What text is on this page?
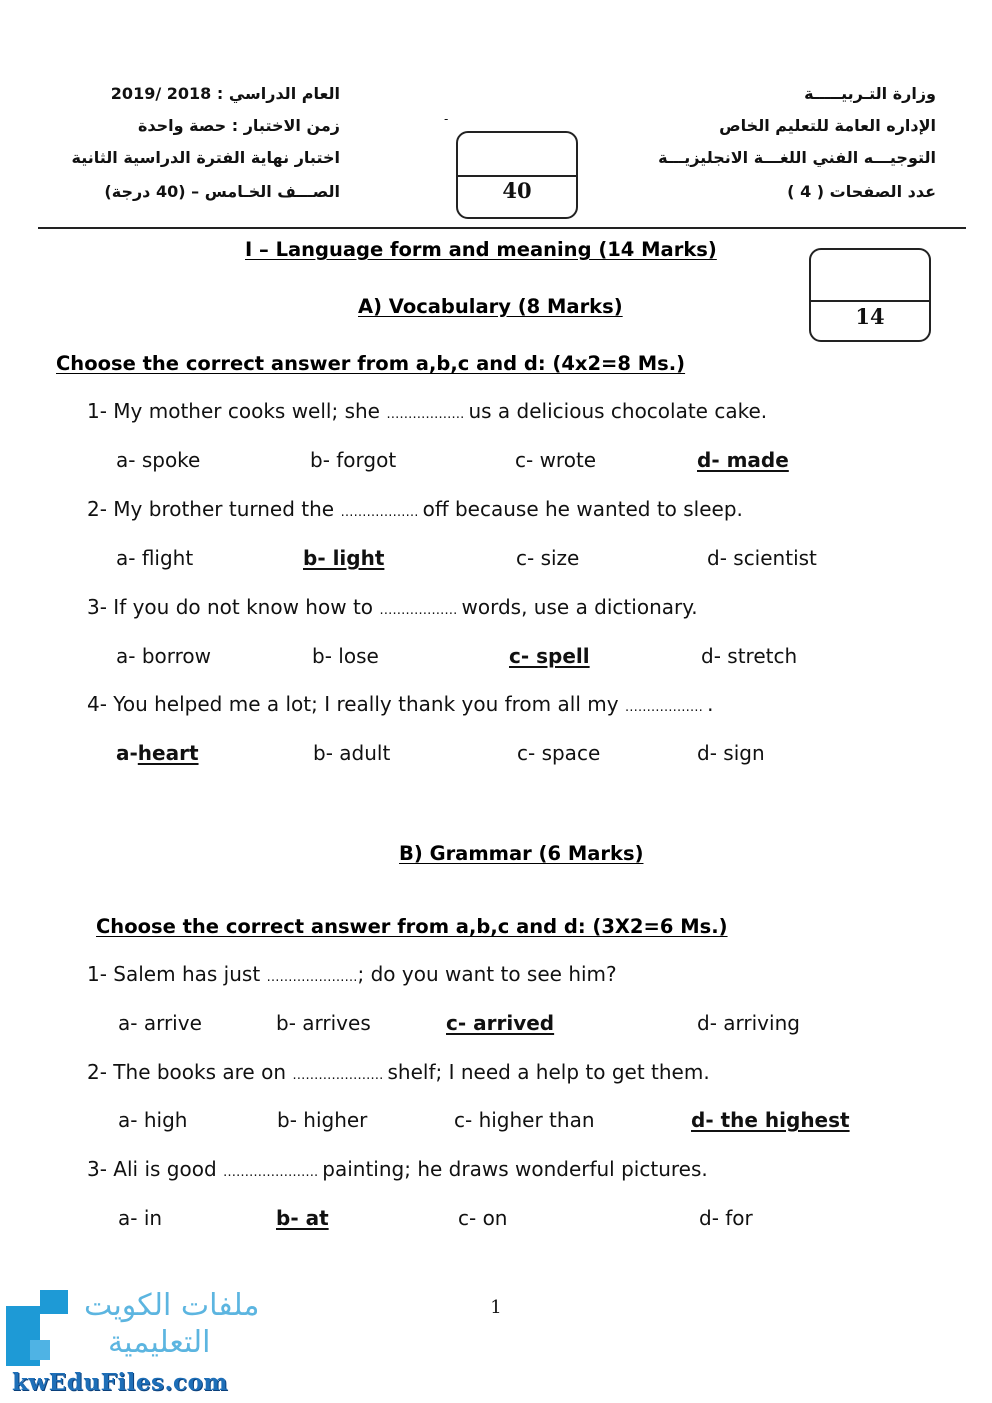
وزارة التـربيـــــة
الإداره العامة للتعليم الخاص
التوجيـــه الفني اللغـــة الانجليزيـــة
عدد الصفحات ( 4 )
العام الدراسي : 2018 /2019
زمن الاختبار : حصة واحدة
اختبار نهاية الفترة الدراسية الثانية
الصـــف الخـامس – (40 درجة)
-
40
14
I – Language form and meaning (14 Marks)
A) Vocabulary (8 Marks)
Choose the correct answer from a,b,c and d: (4x2=8 Ms.)
1- My mother cooks well; she ……………… us a delicious chocolate cake.
a- spoke	b- forgot	c- wrote	d- made
2- My brother turned the ……………… off because he wanted to sleep.
a- flight	b- light	c- size	d- scientist
3- If you do not know how to ……………… words, use a dictionary.
a- borrow	b- lose	c- spell	d- stretch
4- You helped me a lot; I really thank you from all my ……………… .
a-heart	b- adult	c- space	d- sign
B) Grammar (6 Marks)
Choose the correct answer from a,b,c and d: (3X2=6 Ms.)
1- Salem has just …………………; do you want to see him?
a- arrive	b- arrives	c- arrived	d- arriving
2- The books are on ………………… shelf; I need a help to get them.
a- high	b- higher	c- higher than	d- the highest
3- Ali is good …………………. painting; he draws wonderful pictures.
a- in	b- at	c- on	d- for
1
ملفات الكويت
التعليمية
kwEduFiles.com
